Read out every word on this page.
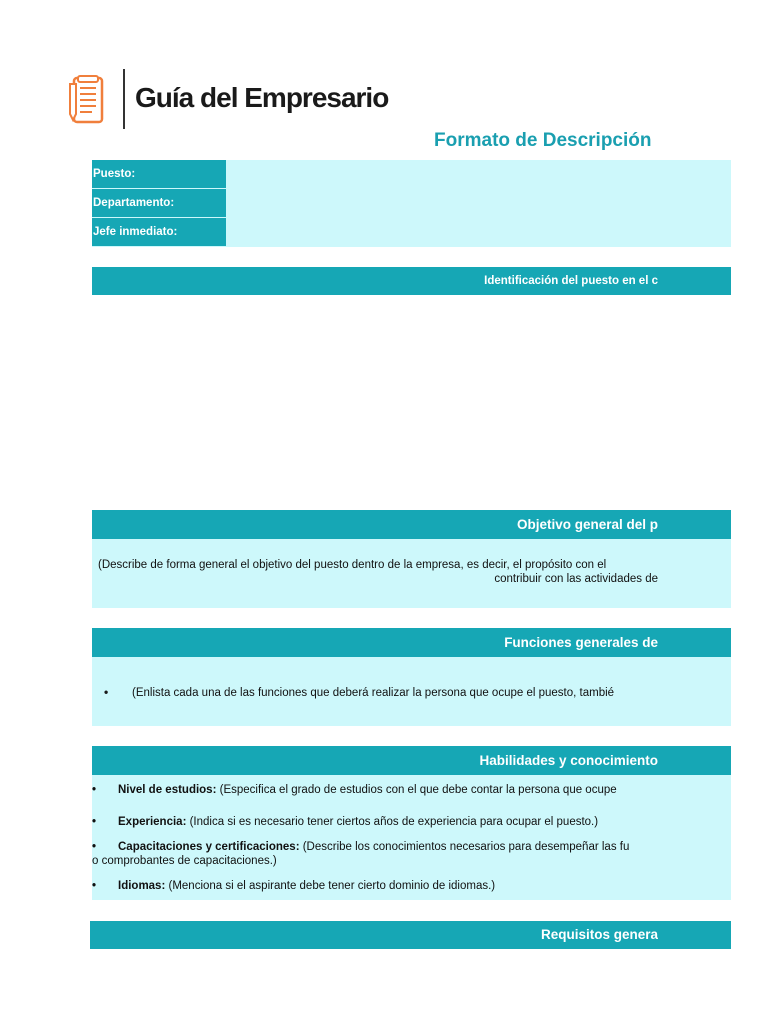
Guía del Empresario
Formato de Descripción
Puesto:
Departamento:
Jefe inmediato:
Identificación del puesto en el c
Objetivo general del p
(Describe de forma general el objetivo del puesto dentro de la empresa, es decir, el propósito con el
contribuir con las actividades de
Funciones generales de
• (Enlista cada una de las funciones que deberá realizar la persona que ocupe el puesto, tambié
Habilidades y conocimiento
• Nivel de estudios: (Especifica el grado de estudios con el que debe contar la persona que ocupe
• Experiencia: (Indica si es necesario tener ciertos años de experiencia para ocupar el puesto.)
• Capacitaciones y certificaciones: (Describe los conocimientos necesarios para desempeñar las fu
o comprobantes de capacitaciones.)
• Idiomas: (Menciona si el aspirante debe tener cierto dominio de idiomas.)
Requisitos genera
